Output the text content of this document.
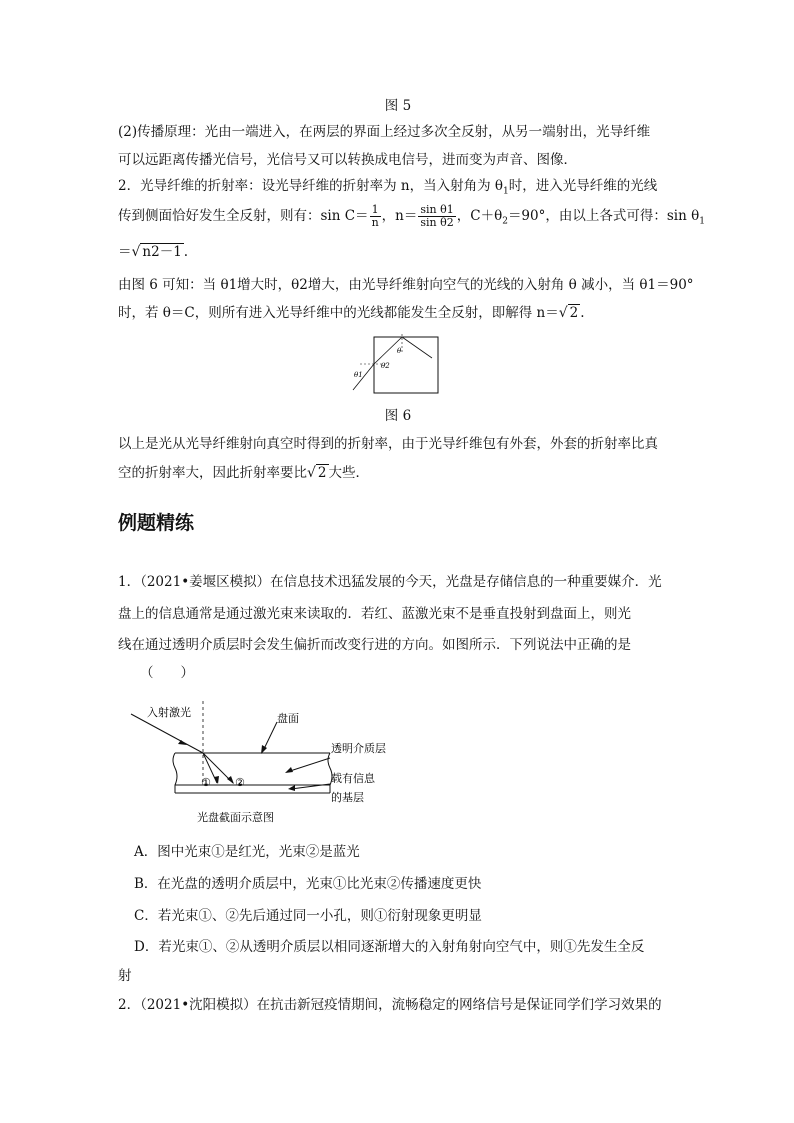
图 5
(2)传播原理：光由一端进入，在两层的界面上经过多次全反射，从另一端射出，光导纤维
可以远距离传播光信号，光信号又可以转换成电信号，进而变为声音、图像．
2．光导纤维的折射率：设光导纤维的折射率为 n，当入射角为 $\theta_1$时，进入光导纤维的光线
传到侧面恰好发生全反射，则有：$\sin C= \frac{1}{n}$ ，$n= \frac{\text{sin θ1}}{\text{sin θ2}}$ ，$C+\theta_2=90^\circ$，由以上各式可得：$\sin \theta_1$
＝√ n2－1 .
由图 6 可知：当 θ1增大时，θ2增大，由光导纤维射向空气的光线的入射角 θ 减小，当 θ1＝90°
时，若 θ＝C，则所有进入光导纤维中的光线都能发生全反射，即解得 n＝√ 2 .
θ
θ2
θ1
图 6
以上是光从光导纤维射向真空时得到的折射率，由于光导纤维包有外套，外套的折射率比真
空的折射率大，因此折射率要比√ 2 大些．
例题精练
1．（2021•姜堰区模拟）在信息技术迅猛发展的今天，光盘是存储信息的一种重要媒介．光
盘上的信息通常是通过激光束来读取的．若红、蓝激光束不是垂直投射到盘面上，则光
线在通过透明介质层时会发生偏折而改变行进的方向。如图所示．下列说法中正确的是
（　　）
① ②
入射激光	盘面
透明介质层
载有信息
的基层
光盘截面示意图
A．图中光束①是红光，光束②是蓝光
B．在光盘的透明介质层中，光束①比光束②传播速度更快
C．若光束①、②先后通过同一小孔，则①衍射现象更明显
D．若光束①、②从透明介质层以相同逐渐增大的入射角射向空气中，则①先发生全反
射
2．（2021•沈阳模拟）在抗击新冠疫情期间，流畅稳定的网络信号是保证同学们学习效果的
